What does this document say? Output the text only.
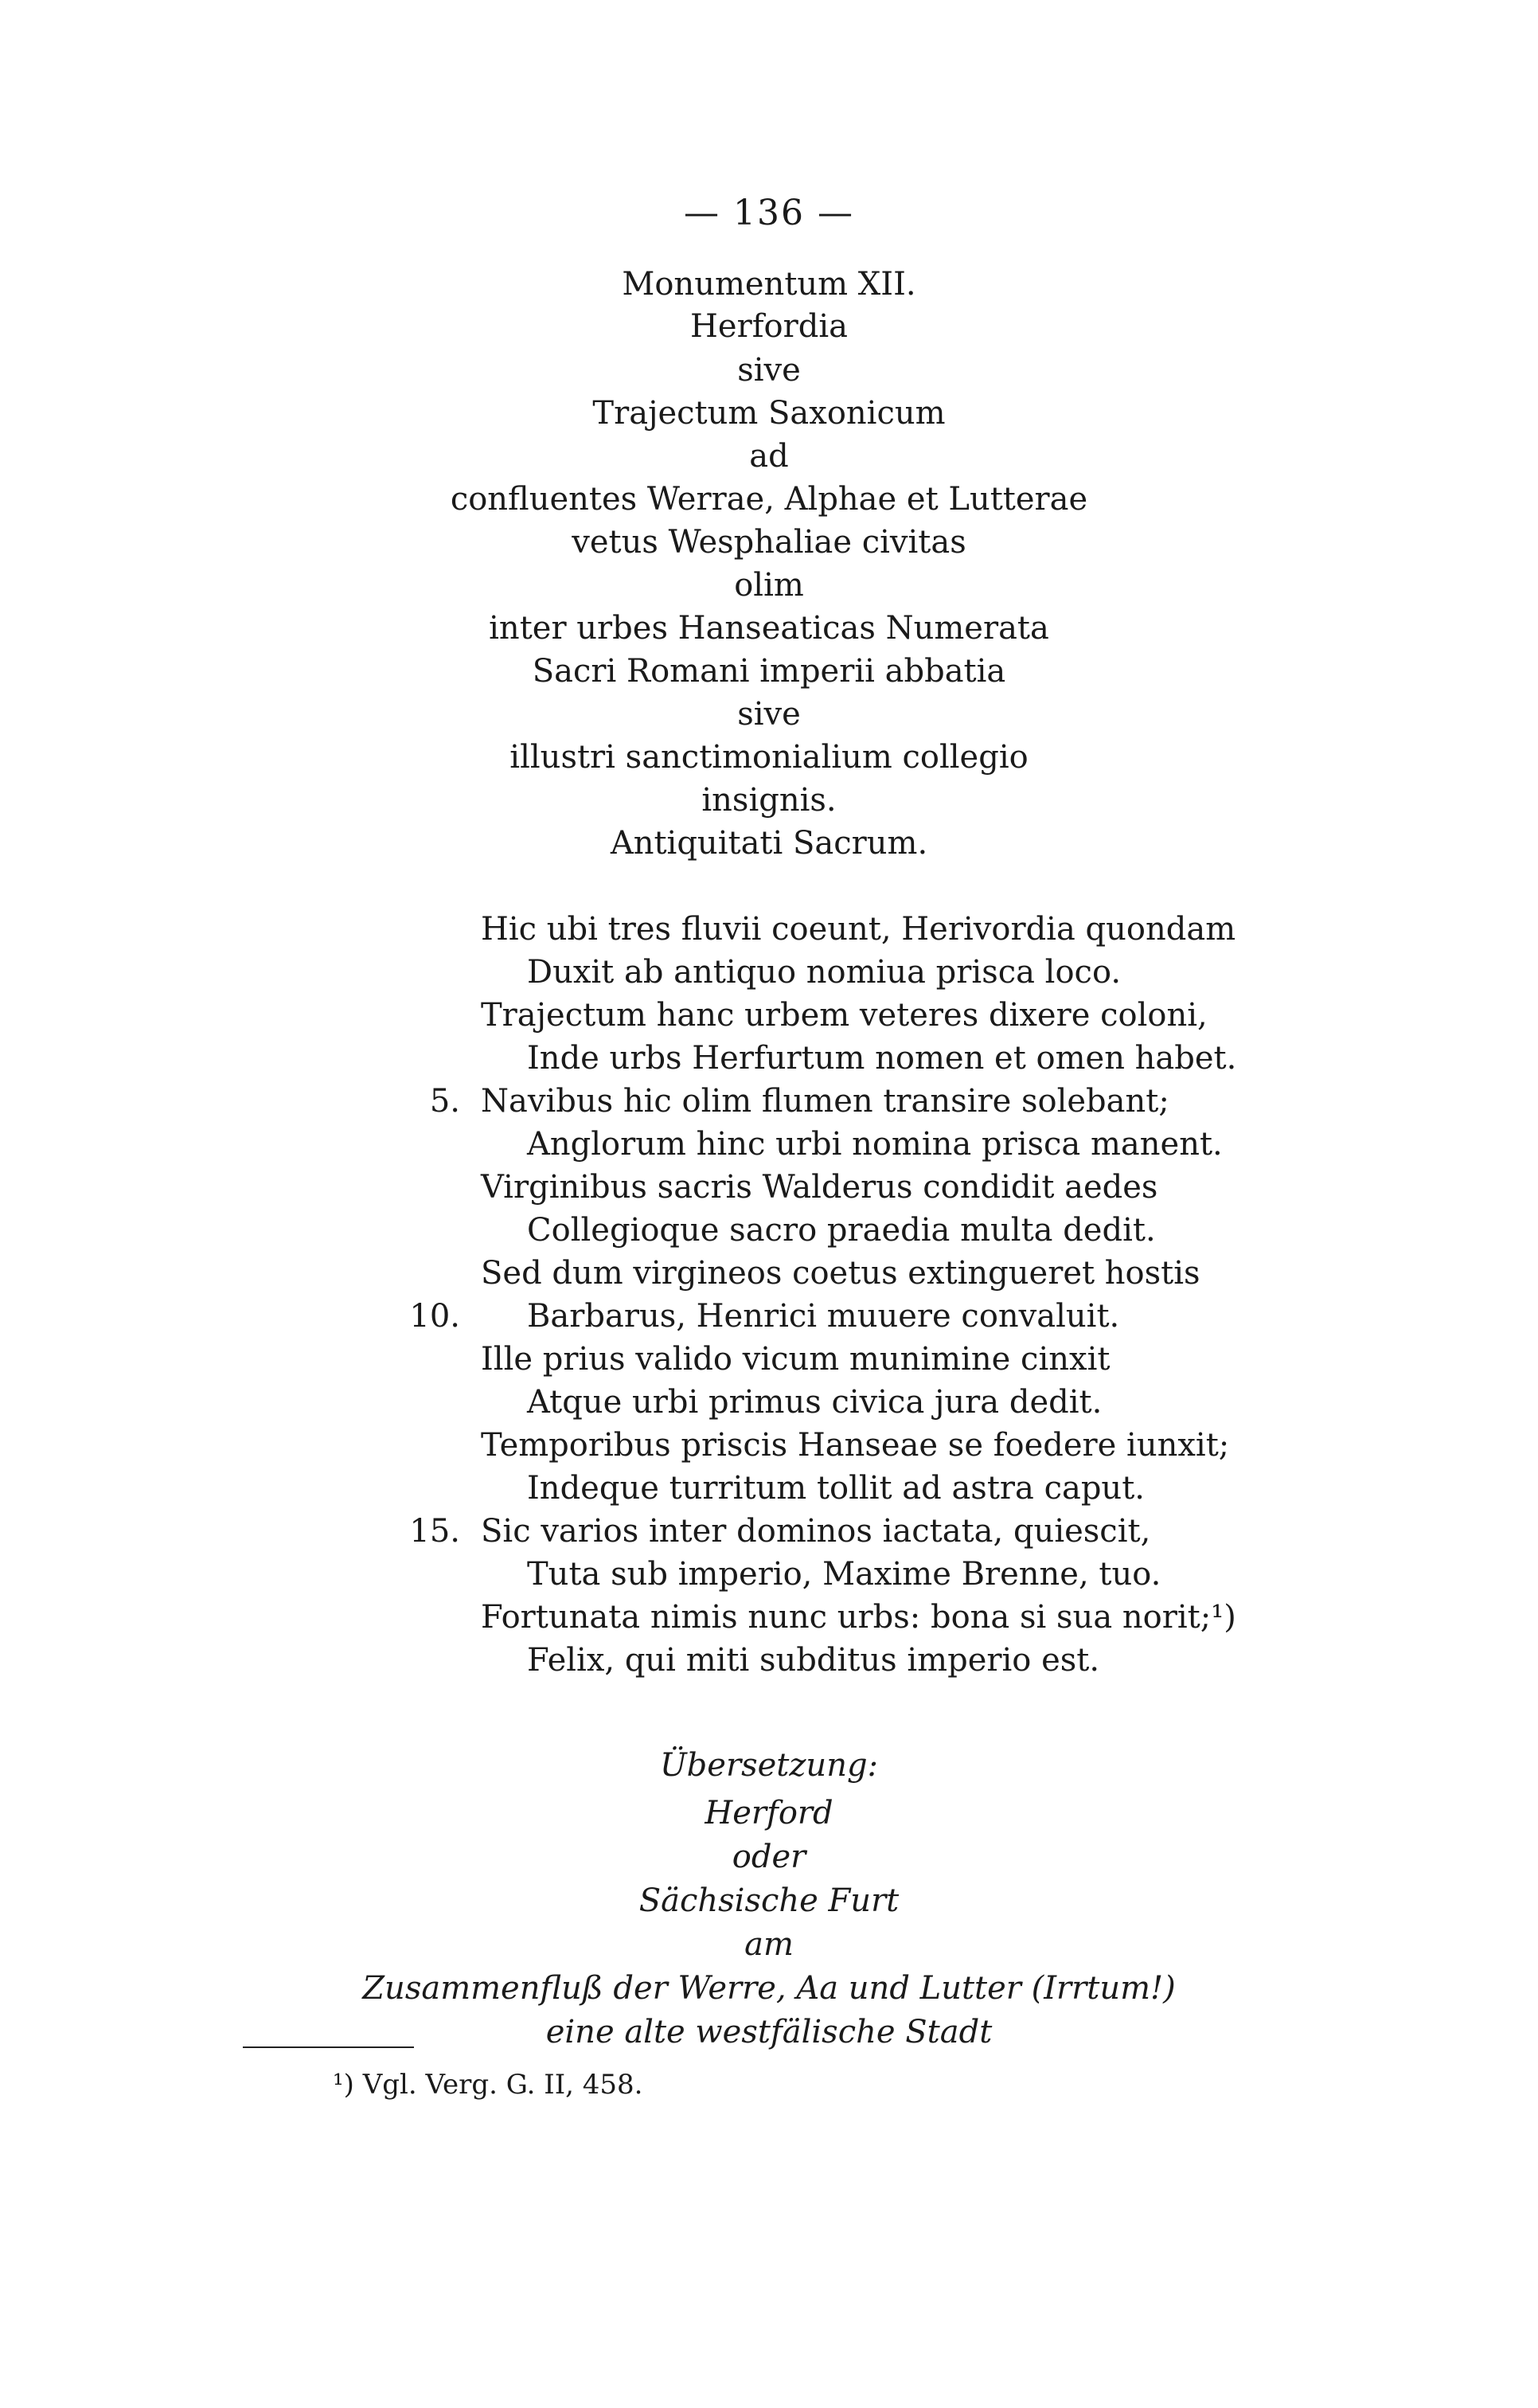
— 136 —
Monumentum XII.
Herfordia
sive
Trajectum Saxonicum
ad
confluentes Werrae, Alphae et Lutterae
vetus Wesphaliae civitas
olim
inter urbes Hanseaticas Numerata
Sacri Romani imperii abbatia
sive
illustri sanctimonialium collegio
insignis.
Antiquitati Sacrum.
Hic ubi tres fluvii coeunt, Herivordia quondam
Duxit ab antiquo nomiua prisca loco.
Trajectum hanc urbem veteres dixere coloni,
Inde urbs Herfurtum nomen et omen habet.
5. Navibus hic olim flumen transire solebant;
Anglorum hinc urbi nomina prisca manent.
Virginibus sacris Walderus condidit aedes
Collegioque sacro praedia multa dedit.
Sed dum virgineos coetus extingueret hostis
10. Barbarus, Henrici muuere convaluit.
Ille prius valido vicum munimine cinxit
Atque urbi primus civica jura dedit.
Temporibus priscis Hanseae se foedere iunxit;
Indeque turritum tollit ad astra caput.
15. Sic varios inter dominos iactata, quiescit,
Tuta sub imperio, Maxime Brenne, tuo.
Fortunata nimis nunc urbs: bona si sua norit;¹)
Felix, qui miti subditus imperio est.
Übersetzung:
Herford
oder
Sächsische Furt
am
Zusammenfluß der Werre, Aa und Lutter (Irrtum!)
eine alte westfälische Stadt
¹) Vgl. Verg. G. II, 458.
